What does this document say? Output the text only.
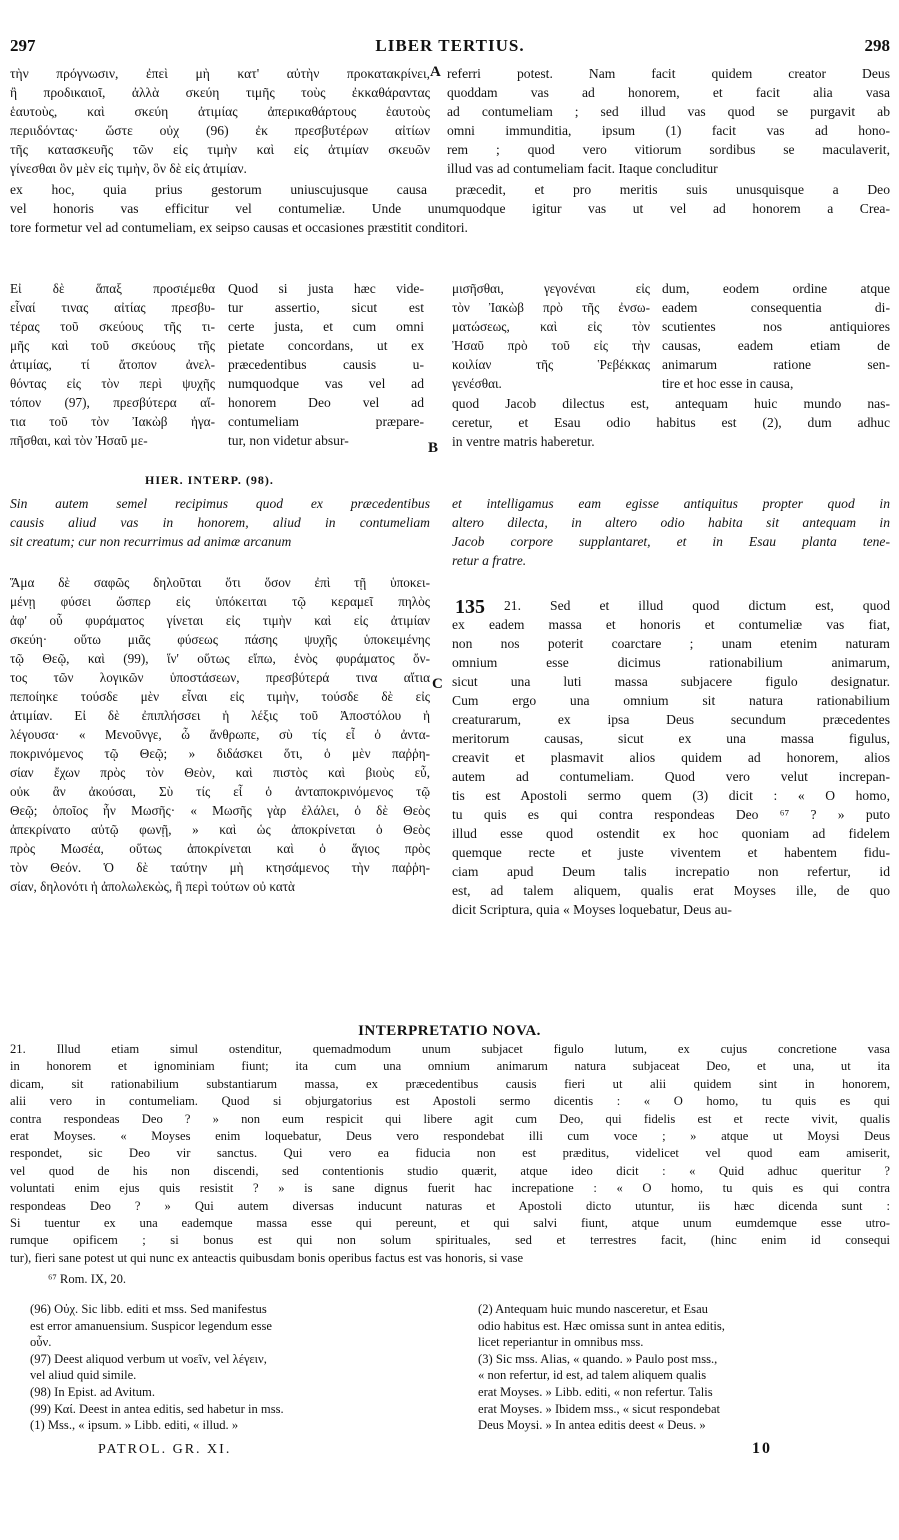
297	LIBER TERTIUS.	298
τὴν πρόγνωσιν, ἐπεὶ μὴ κατ' αὐτὴν προκατακρίνει,
ἢ προδικαιοῖ, ἀλλὰ σκεύη τιμῆς τοὺς ἐκκαθάραντας
ἑαυτοὺς, καὶ σκεύη ἀτιμίας ἀπερικαθάρτους ἑαυτοὺς
περιιδόντας· ὥστε οὐχ (96) ἐκ πρεσβυτέρων αἰτίων
τῆς κατασκευῆς τῶν εἰς τιμὴν καὶ εἰς ἀτιμίαν σκευῶν
γίνεσθαι ὃν μὲν εἰς τιμὴν, ὃν δὲ εἰς ἀτιμίαν.
A referri potest. Nam facit quidem creator Deus
quoddam vas ad honorem, et facit alia vasa
ad contumeliam ; sed illud vas quod se purgavit ab
omni immunditia, ipsum (1) facit vas ad hono-
rem ; quod vero vitiorum sordibus se maculaverit,
illud vas ad contumeliam facit. Itaque concluditur
ex hoc, quia prius gestorum uniuscujusque causa præcedit, et pro meritis suis unusquisque a Deo
vel honoris vas efficitur vel contumeliæ. Unde unumquodque igitur vas ut vel ad honorem a Crea-
tore formetur vel ad contumeliam, ex seipso causas et occasiones præstitit conditori.
Εἰ δὲ ἅπαξ προσιέμεθα
εἶναί τινας αἰτίας πρεσβυ-
τέρας τοῦ σκεύους τῆς τι-
μῆς καὶ τοῦ σκεύους τῆς
ἀτιμίας, τί ἄτοπον ἀνελ-
θόντας εἰς τὸν περὶ ψυχῆς
τόπον (97), πρεσβύτερα αἴ-
τια τοῦ τὸν Ἰακὼβ ἠγα-
πῆσθαι, καὶ τὸν Ἠσαῦ με-
Quod si justa hæc vide-
tur assertio, sicut est
certe justa, et cum omni
pietate concordans, ut ex
præcedentibus causis u-
numquodque vas vel ad
honorem Deo vel ad
contumeliam præpare-
tur, non videtur absur-
μισῆσθαι, γεγονέναι εἰς
τὸν Ἰακὼβ πρὸ τῆς ἐνσω-
ματώσεως, καὶ εἰς τὸν
Ἠσαῦ πρὸ τοῦ εἰς τὴν
κοιλίαν τῆς Ῥεβέκκας
γενέσθαι.
dum, eodem ordine atque
eadem consequentia di-
scutientes nos antiquiores
causas, eadem etiam de
animarum ratione sen-
tire et hoc esse in causa,
quod Jacob dilectus est, antequam huic mundo nas-
ceretur, et Esau odio habitus est (2), dum adhuc
in ventre matris haberetur.
B
HIER. INTERP. (98).
Sin autem semel recipimus quod ex præcedentibus
causis aliud vas in honorem, aliud in contumeliam
sit creatum; cur non recurrimus ad animæ arcanum
et intelligamus eam egisse antiquitus propter quod in
altero dilecta, in altero odio habita sit antequam in
Jacob corpore supplantaret, et in Esau planta tene-
retur a fratre.
Ἅμα δὲ σαφῶς δηλοῦται ὅτι ὅσον ἐπὶ τῇ ὑποκει-
μένῃ φύσει ὥσπερ εἰς ὑπόκειται τῷ κεραμεῖ πηλὸς
ἀφ' οὗ φυράματος γίνεται εἰς τιμὴν καὶ εἰς ἀτιμίαν
σκεύη· οὕτω μιᾶς φύσεως πάσης ψυχῆς ὑποκειμένης
τῷ Θεῷ, καὶ (99), ἵν' οὕτως εἴπω, ἑνὸς φυράματος ὄν-
τος τῶν λογικῶν ὑποστάσεων, πρεσβύτερά τινα αἴτια
πεποίηκε τούσδε μὲν εἶναι εἰς τιμὴν, τούσδε δὲ εἰς
ἀτιμίαν. Εἰ δὲ ἐπιπλήσσει ἡ λέξις τοῦ Ἀποστόλου ἡ
λέγουσα· « Μενοῦνγε, ὦ ἄνθρωπε, σὺ τίς εἶ ὁ ἀντα-
ποκρινόμενος τῷ Θεῷ; » διδάσκει ὅτι, ὁ μὲν παῤῥη-
σίαν ἔχων πρὸς τὸν Θεὸν, καὶ πιστὸς καὶ βιοὺς εὖ,
οὐκ ἂν ἀκούσαι, Σὺ τίς εἶ ὁ ἀνταποκρινόμενος τῷ
Θεῷ; ὁποῖος ἦν Μωσῆς· « Μωσῆς γὰρ ἐλάλει, ὁ δὲ Θεὸς
ἀπεκρίνατο αὐτῷ φωνῇ, » καὶ ὡς ἀποκρίνεται ὁ Θεὸς
πρὸς Μωσέα, οὕτως ἀποκρίνεται καὶ ὁ ἅγιος πρὸς
τὸν Θεόν. Ὁ δὲ ταύτην μὴ κτησάμενος τὴν παῤῥη-
σίαν, δηλονότι ἡ ἀπολωλεκὼς, ἢ περὶ τούτων οὐ κατὰ
C
135	21. Sed et illud quod dictum est, quod
ex eadem massa et honoris et contumeliæ vas fiat,
non nos poterit coarctare ; unam etenim naturam
omnium esse dicimus rationabilium animarum,
sicut una luti massa subjacere figulo designatur.
Cum ergo una omnium sit natura rationabilium
creaturarum, ex ipsa Deus secundum præcedentes
meritorum causas, sicut ex una massa figulus,
creavit et plasmavit alios quidem ad honorem, alios
autem ad contumeliam. Quod vero velut increpan-
tis est Apostoli sermo quem (3) dicit : « O homo,
tu quis es qui contra respondeas Deo ⁶⁷ ? » puto
illud esse quod ostendit ex hoc quoniam ad fidelem
quemque recte et juste viventem et habentem fidu-
ciam apud Deum talis increpatio non refertur, id
est, ad talem aliquem, qualis erat Moyses ille, de quo
dicit Scriptura, quia « Moyses loquebatur, Deus au-
INTERPRETATIO NOVA.
21. Illud etiam simul ostenditur, quemadmodum unum subjacet figulo lutum, ex cujus concretione vasa
in honorem et ignominiam fiunt; ita cum una omnium animarum natura subjaceat Deo, et una, ut ita
dicam, sit rationabilium substantiarum massa, ex præcedentibus causis fieri ut alii quidem sint in honorem,
alii vero in contumeliam. Quod si objurgatorius est Apostoli sermo dicentis : « O homo, tu quis es qui
contra respondeas Deo ? » non eum respicit qui libere agit cum Deo, qui fidelis est et recte vivit, qualis
erat Moyses. « Moyses enim loquebatur, Deus vero respondebat illi cum voce ; » atque ut Moysi Deus
respondet, sic Deo vir sanctus. Qui vero ea fiducia non est præditus, videlicet vel quod eam amiserit,
vel quod de his non discendi, sed contentionis studio quærit, atque ideo dicit : « Quid adhuc queritur ?
voluntati enim ejus quis resistit ? » is sane dignus fuerit hac increpatione : « O homo, tu quis es qui contra
respondeas Deo ? » Qui autem diversas inducunt naturas et Apostoli dicto utuntur, iis hæc dicenda sunt :
Si tuentur ex una eademque massa esse qui pereunt, et qui salvi fiunt, atque unum eumdemque esse utro-
rumque opificem ; si bonus est qui non solum spirituales, sed et terrestres facit, (hinc enim id consequi
tur), fieri sane potest ut qui nunc ex anteactis quibusdam bonis operibus factus est vas honoris, si vase
⁶⁷ Rom. IX, 20.
(96) Οὐχ. Sic libb. editi et mss. Sed manifestus
est error amanuensium. Suspicor legendum esse
οὖν.
(97) Deest aliquod verbum ut νοεῖν, vel λέγειν,
vel aliud quid simile.
(98) In Epist. ad Avitum.
(99) Καί. Deest in antea editis, sed habetur in mss.
(1) Mss., « ipsum. » Libb. editi, « illud. »
(2) Antequam huic mundo nasceretur, et Esau
odio habitus est. Hæc omissa sunt in antea editis,
licet reperiantur in omnibus mss.
(3) Sic mss. Alias, « quando. » Paulo post mss.,
« non refertur, id est, ad talem aliquem qualis
erat Moyses. » Libb. editi, « non refertur. Talis
erat Moyses. » Ibidem mss., « sicut respondebat
Deus Moysi. » In antea editis deest « Deus. »
PATROL. GR. XI.	10
